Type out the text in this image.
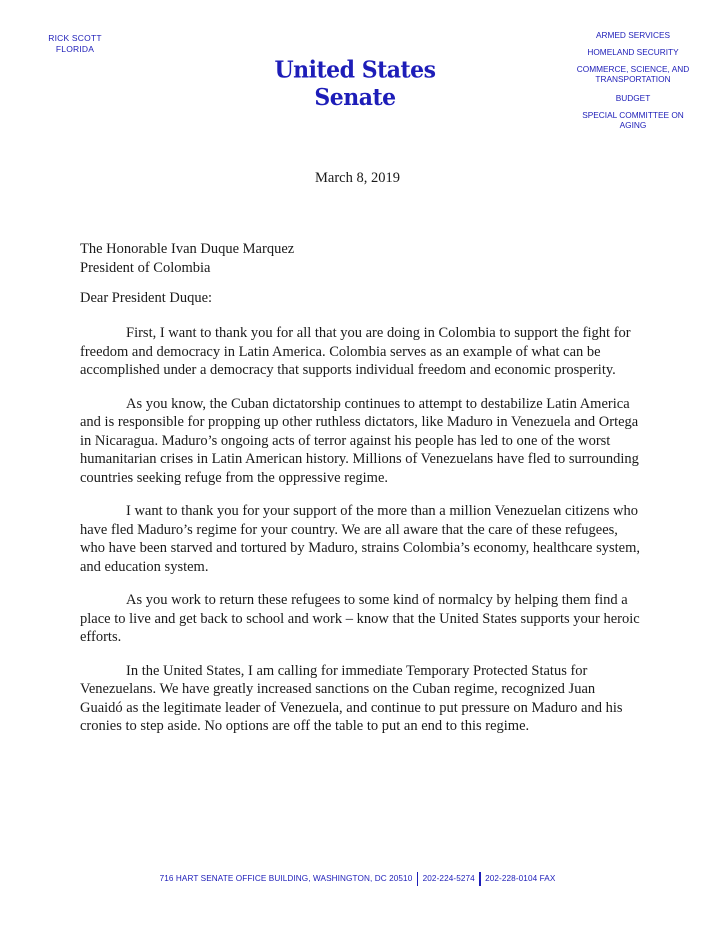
RICK SCOTT
FLORIDA
United States Senate
ARMED SERVICES
HOMELAND SECURITY
COMMERCE, SCIENCE, AND TRANSPORTATION
BUDGET
SPECIAL COMMITTEE ON AGING
March 8, 2019
The Honorable Ivan Duque Marquez
President of Colombia
Dear President Duque:

First, I want to thank you for all that you are doing in Colombia to support the fight for freedom and democracy in Latin America. Colombia serves as an example of what can be accomplished under a democracy that supports individual freedom and economic prosperity.

As you know, the Cuban dictatorship continues to attempt to destabilize Latin America and is responsible for propping up other ruthless dictators, like Maduro in Venezuela and Ortega in Nicaragua. Maduro’s ongoing acts of terror against his people has led to one of the worst humanitarian crises in Latin American history. Millions of Venezuelans have fled to surrounding countries seeking refuge from the oppressive regime.

I want to thank you for your support of the more than a million Venezuelan citizens who have fled Maduro’s regime for your country. We are all aware that the care of these refugees, who have been starved and tortured by Maduro, strains Colombia’s economy, healthcare system, and education system.

As you work to return these refugees to some kind of normalcy by helping them find a place to live and get back to school and work – know that the United States supports your heroic efforts.

In the United States, I am calling for immediate Temporary Protected Status for Venezuelans. We have greatly increased sanctions on the Cuban regime, recognized Juan Guaidó as the legitimate leader of Venezuela, and continue to put pressure on Maduro and his cronies to step aside. No options are off the table to put an end to this regime.

716 HART SENATE OFFICE BUILDING, WASHINGTON, DC 20510 202-224-5274 202-228-0104 FAX
